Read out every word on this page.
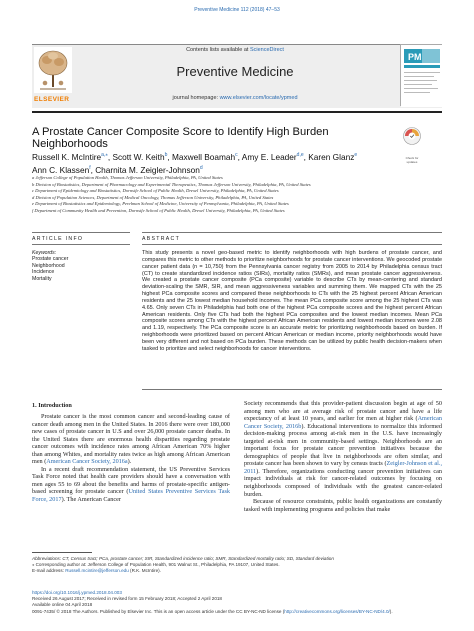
Preventive Medicine 112 (2018) 47–53
ELSEVIER
Contents lists available at ScienceDirect
Preventive Medicine
journal homepage: www.elsevier.com/locate/ypmed
PM
A Prostate Cancer Composite Score to Identify High Burden Neighborhoods
Check for updates
Russell K. McIntire$^{a,⁎}$, Scott W. Keith$^b$, Maxwell Boamah$^c$, Amy E. Leader$^{d,e}$, Karen Glanz$^e$
Ann C. Klassen$^f$, Charnita M. Zeigler-Johnson$^d$
a Jefferson College of Population Health, Thomas Jefferson University, Philadelphia, PA, United States
b Division of Biostatistics, Department of Pharmacology and Experimental Therapeutics, Thomas Jefferson University, Philadelphia, PA, United States
c Department of Epidemiology and Biostatistics, Dornsife School of Public Health, Drexel University, Philadelphia, PA, United States
d Division of Population Sciences, Department of Medical Oncology, Thomas Jefferson University, Philadelphia, PA, United States
e Department of Biostatistics and Epidemiology, Perelman School of Medicine, University of Pennsylvania, Philadelphia, PA, United States
f Department of Community Health and Prevention, Dornsife School of Public Health, Drexel University, Philadelphia, PA, United States
ARTICLE INFO	ABSTRACT
Keywords:
Prostate cancer
Neighborhood
Incidence
Mortality
This study presents a novel geo-based metric to identify neighborhoods with high burdens of prostate cancer, and compares this metric to other methods to prioritize neighborhoods for prostate cancer interventions. We geocoded prostate cancer patient data (n = 10,750) from the Pennsylvania cancer registry from 2005 to 2014 by Philadelphia census tract (CT) to create standardized incidence ratios (SIRs), mortality ratios (SMRs), and mean prostate cancer aggressiveness. We created a prostate cancer composite (PCa composite) variable to describe CTs by mean-centering and standard deviation-scaling the SMR, SIR, and mean aggressiveness variables and summing them. We mapped CTs with the 25 highest PCa composite scores and compared these neighborhoods to CTs with the 25 highest percent African American residents and the 25 lowest median household incomes. The mean PCa composite score among the 25 highest CTs was 4.65. Only seven CTs in Philadelphia had both one of the highest PCa composite scores and the highest percent African American residents. Only five CTs had both the highest PCa composites and the lowest median incomes. Mean PCa composite scores among CTs with the highest percent African American residents and lowest median incomes were 2.08 and 1.19, respectively. The PCa composite score is an accurate metric for prioritizing neighborhoods based on burden. If neighborhoods were prioritized based on percent African American or median income, priority neighborhoods would have been very different and not based on PCa burden. These methods can be utilized by public health decision-makers when tasked to prioritize and select neighborhoods for cancer interventions.
1. Introduction

Prostate cancer is the most common cancer and second-leading cause of cancer death among men in the United States. In 2016 there were over 180,000 new cases of prostate cancer in U.S and over 26,000 prostate cancer deaths. In the United States there are enormous health disparities regarding prostate cancer outcomes with incidence rates among African American 70% higher than among Whites, and mortality rates twice as high among African American men (American Cancer Society, 2016a).

In a recent draft recommendation statement, the US Preventive Services Task Force noted that health care providers should have a conversation with men ages 55 to 69 about the benefits and harms of prostate-specific antigen-based screening for prostate cancer (United States Preventive Services Task Force, 2017). The American Cancer

Society recommends that this provider-patient discussion begin at age of 50 among men who are at average risk of prostate cancer and have a life expectancy of at least 10 years, and earlier for men at higher risk (American Cancer Society, 2016b). Educational interventions to normalize this informed decision-making process among at-risk men in the U.S. have increasingly targeted at-risk men in community-based settings. Neighborhoods are an important focus for prostate cancer prevention initiatives because the demographics of people that live in neighborhoods are often similar, and prostate cancer has been shown to vary by census tracts (Zeigler-Johnson et al., 2011). Therefore, organizations conducting cancer prevention initiatives can impact individuals at risk for cancer-related outcomes by focusing on neighborhoods composed of individuals with the greatest cancer-related burden.

Because of resource constraints, public health organizations are constantly tasked with implementing programs and policies that make

Abbreviations: CT, Census tract; PCa, prostate cancer; SIR, Standardized incidence ratio; SMR, Standardized mortality ratio; SD, Standard deviation
⁎ Corresponding author at: Jefferson College of Population Health, 901 Walnut St., Philadelphia, PA 19107, United States.
E-mail address: Russell.mcintire@jefferson.edu (R.K. McIntire).
https://doi.org/10.1016/j.ypmed.2018.04.003
Received 26 August 2017; Received in revised form 15 February 2018; Accepted 2 April 2018
Available online 04 April 2018
0091-7435/ © 2018 The Authors. Published by Elsevier Inc. This is an open access article under the CC BY-NC-ND license (http://creativecommons.org/licenses/BY-NC-ND/4.0/).
